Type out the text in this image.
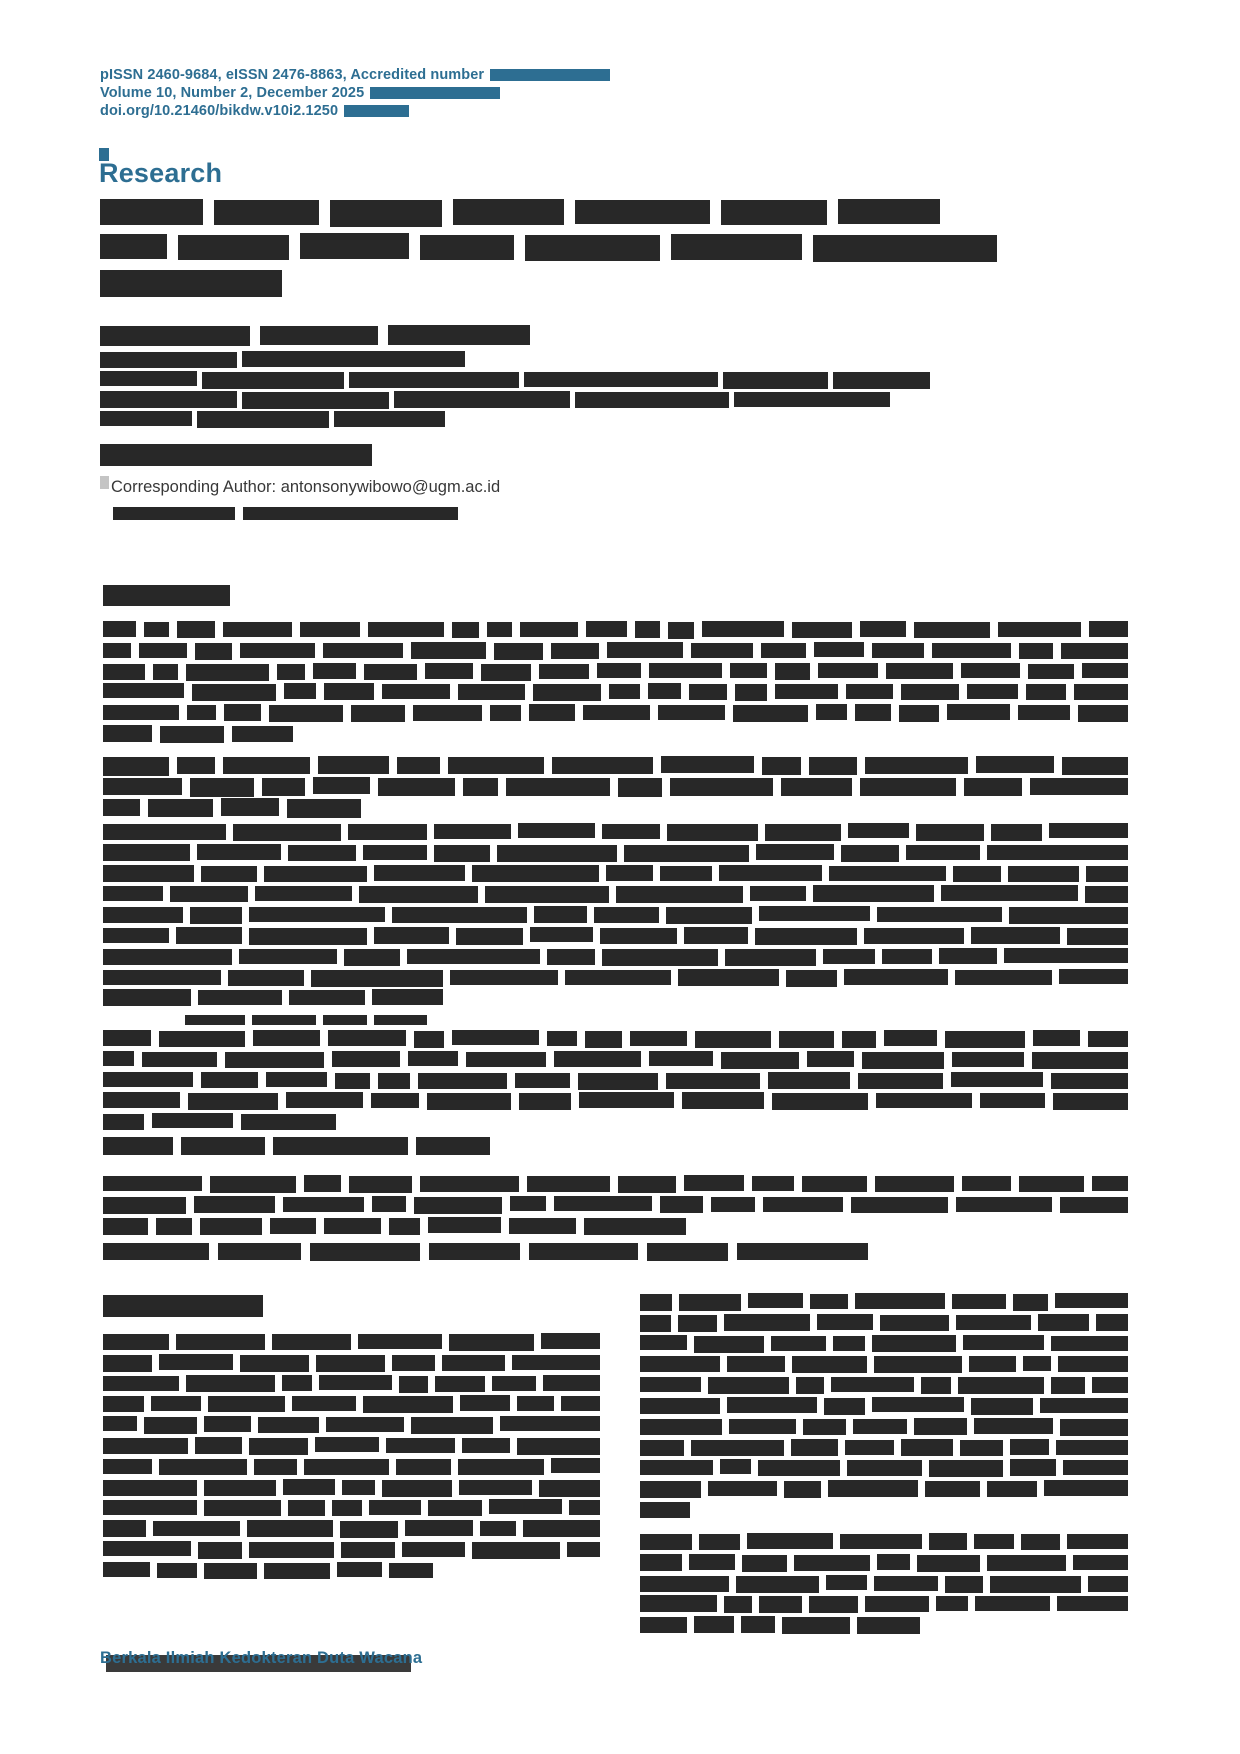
pISSN 2460-9684, eISSN 2476-8863, Accredited number
Volume 10, Number 2, December 2025
doi.org/10.21460/bikdw.v10i2.1250
Research
Corresponding Author: antonsonywibowo@ugm.ac.id
Berkala Ilmiah Kedokteran Duta Wacana
